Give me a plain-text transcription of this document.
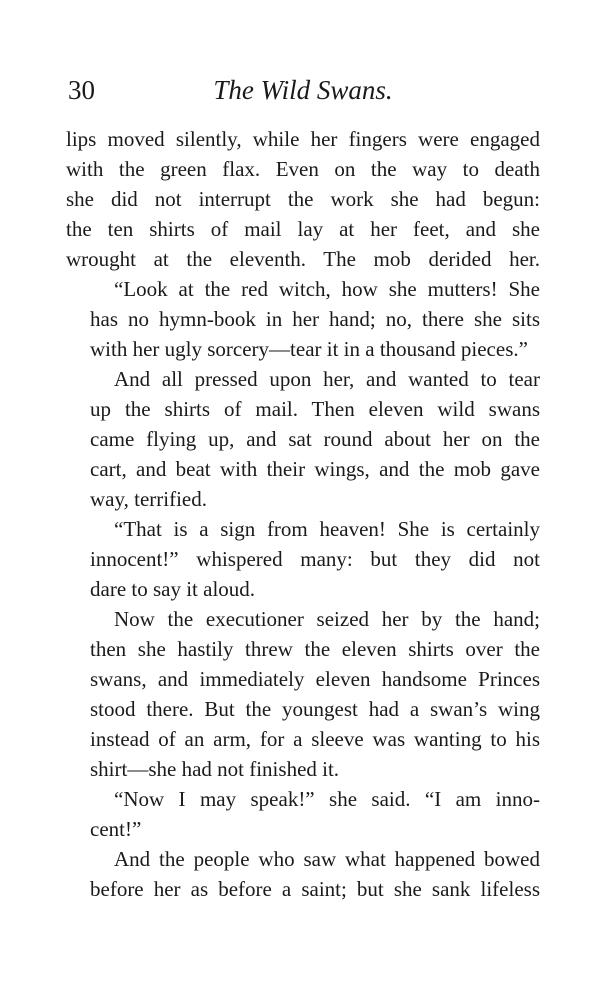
30	The Wild Swans.

lips moved silently, while her fingers were engaged
with the green flax. Even on the way to death
she did not interrupt the work she had begun:
the ten shirts of mail lay at her feet, and she
wrought at the eleventh. The mob derided her.

“Look at the red witch, how she mutters! She
has no hymn-book in her hand; no, there she sits
with her ugly sorcery—tear it in a thousand pieces.”

And all pressed upon her, and wanted to tear
up the shirts of mail. Then eleven wild swans
came flying up, and sat round about her on the
cart, and beat with their wings, and the mob gave
way, terrified.

“That is a sign from heaven! She is certainly
innocent!” whispered many: but they did not
dare to say it aloud.

Now the executioner seized her by the hand;
then she hastily threw the eleven shirts over the
swans, and immediately eleven handsome Princes
stood there. But the youngest had a swan’s wing
instead of an arm, for a sleeve was wanting to his
shirt—she had not finished it.

“Now I may speak!” she said. “I am inno-
cent!”

And the people who saw what happened bowed
before her as before a saint; but she sank lifeless
